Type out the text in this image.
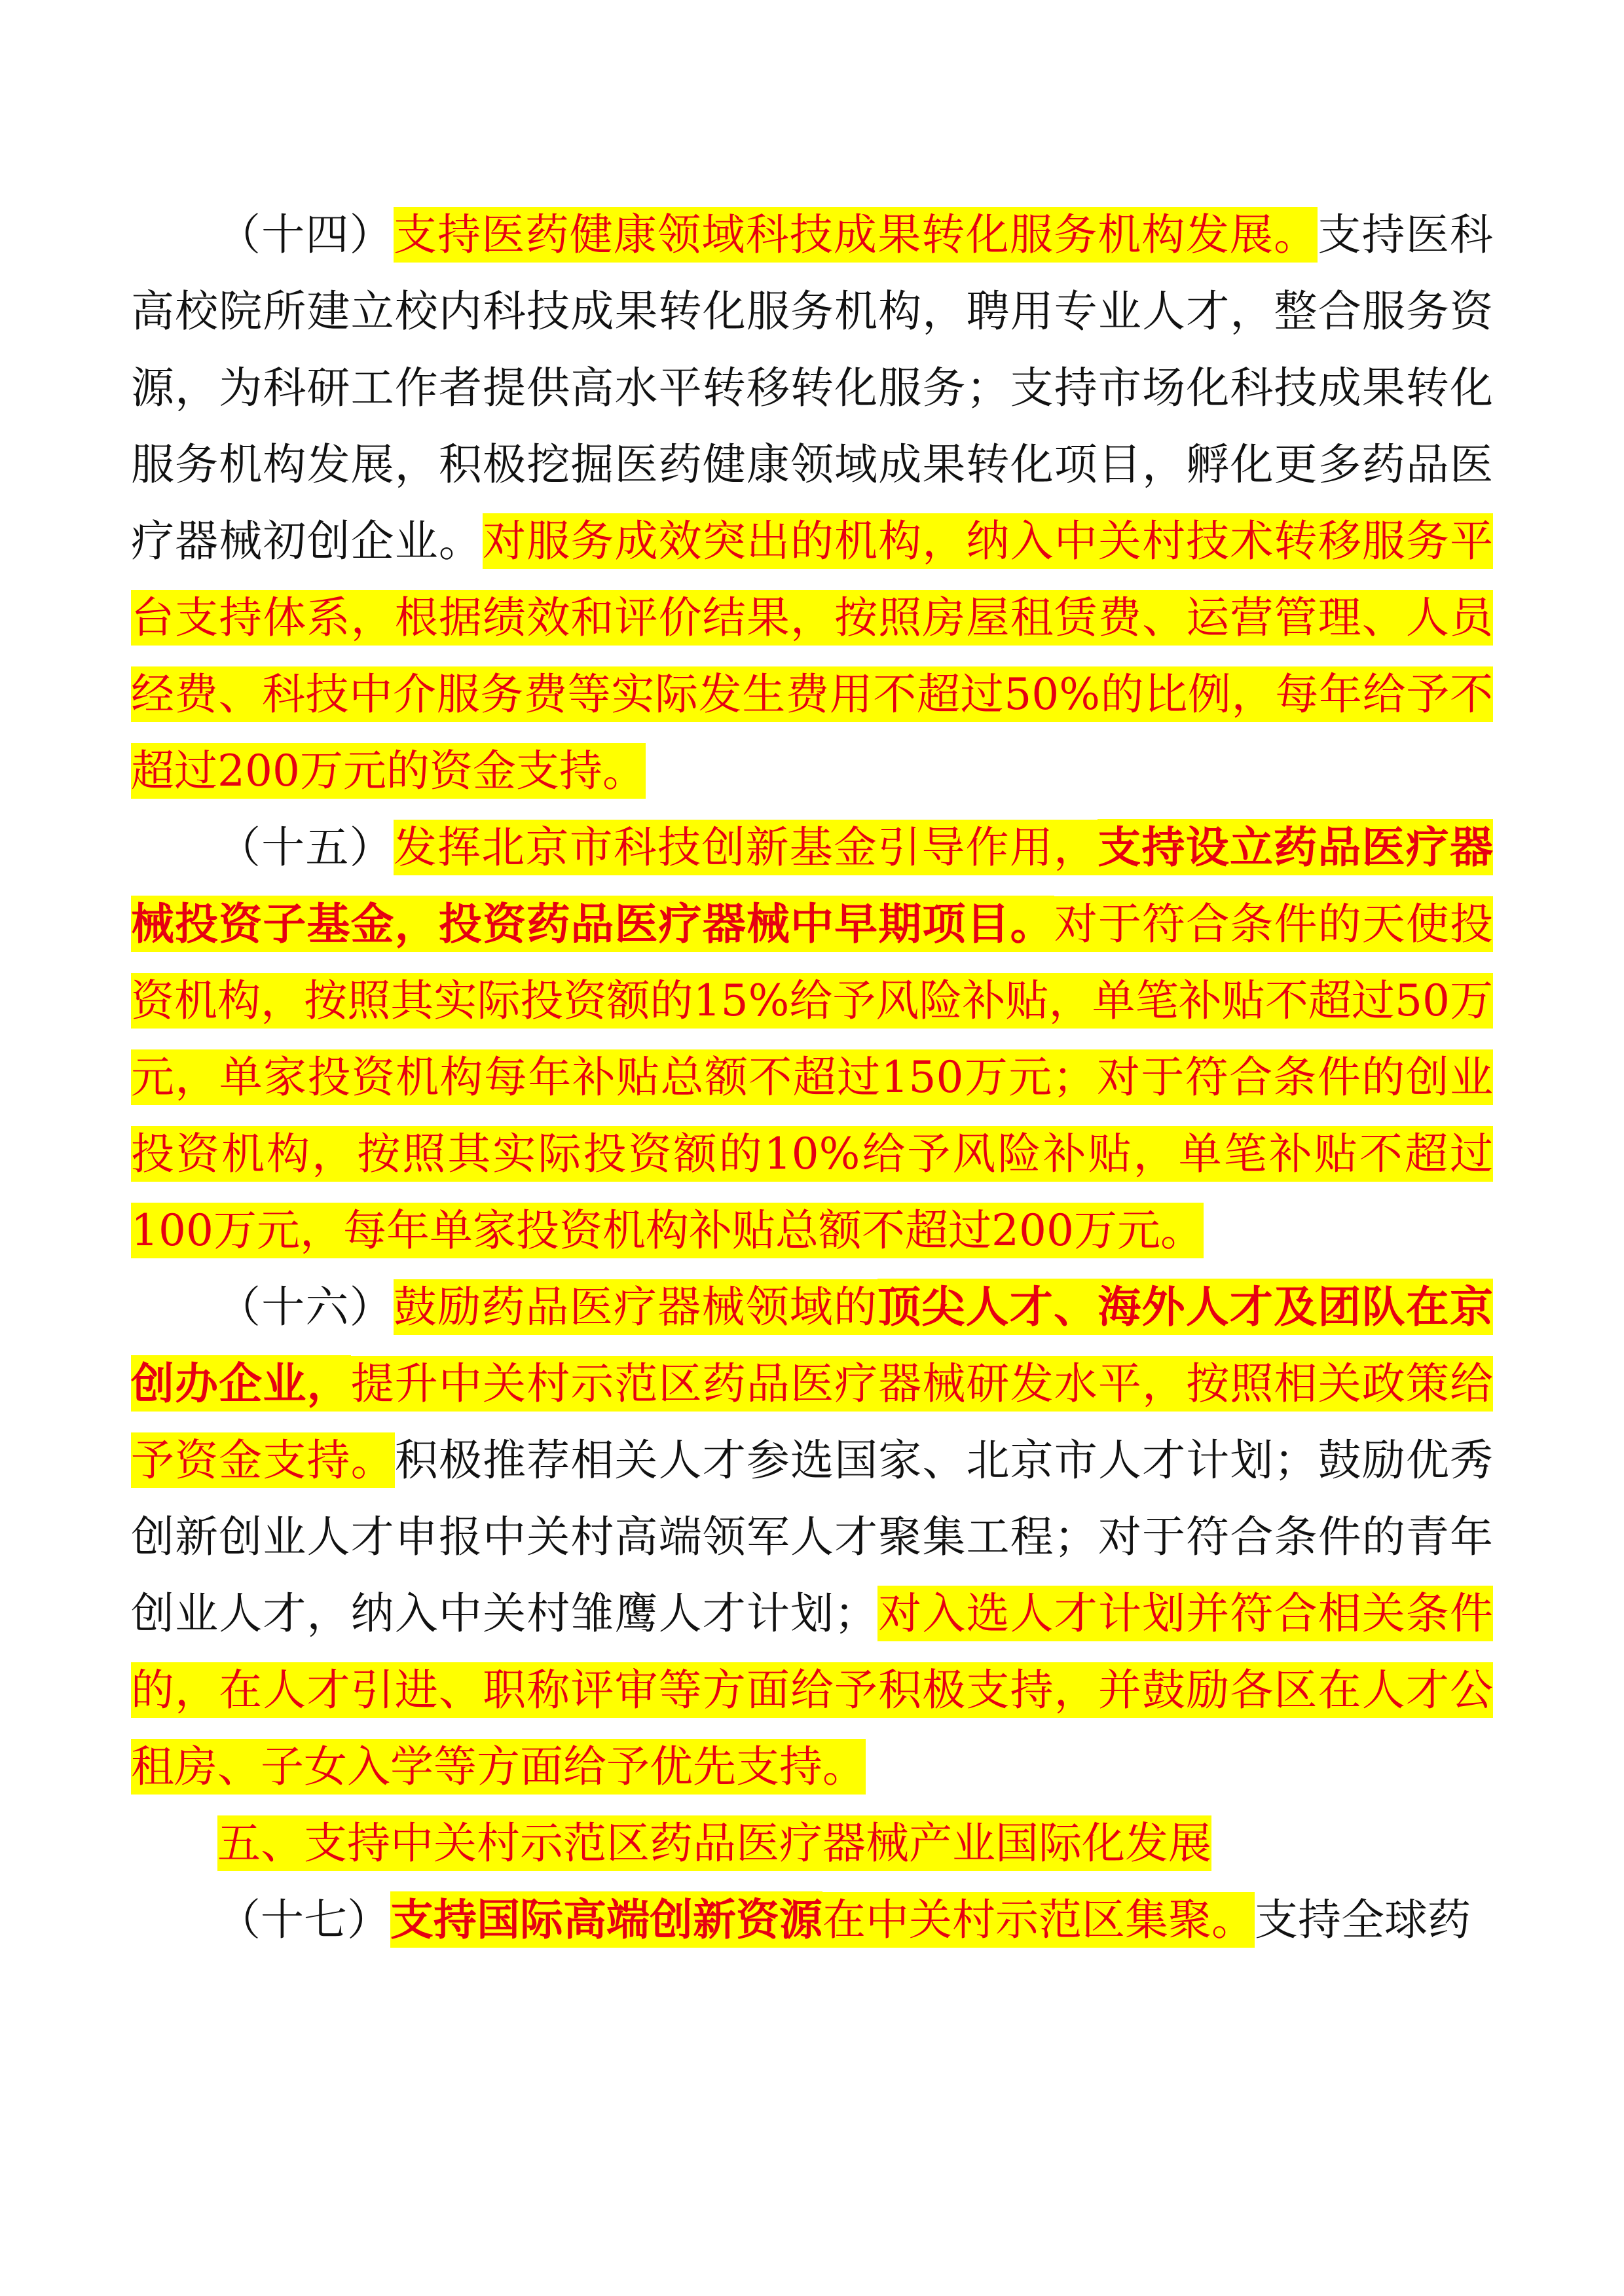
（十四）支持医药健康领域科技成果转化服务机构发展。支持医科高校院所建立校内科技成果转化服务机构，聘用专业人才，整合服务资源，为科研工作者提供高水平转移转化服务；支持市场化科技成果转化服务机构发展，积极挖掘医药健康领域成果转化项目，孵化更多药品医疗器械初创企业。对服务成效突出的机构，纳入中关村技术转移服务平台支持体系，根据绩效和评价结果，按照房屋租赁费、运营管理、人员经费、科技中介服务费等实际发生费用不超过50%的比例，每年给予不超过200万元的资金支持。

（十五）发挥北京市科技创新基金引导作用，支持设立药品医疗器械投资子基金，投资药品医疗器械中早期项目。对于符合条件的天使投资机构，按照其实际投资额的15%给予风险补贴，单笔补贴不超过50万元，单家投资机构每年补贴总额不超过150万元；对于符合条件的创业投资机构，按照其实际投资额的10%给予风险补贴，单笔补贴不超过100万元，每年单家投资机构补贴总额不超过200万元。

（十六）鼓励药品医疗器械领域的顶尖人才、海外人才及团队在京创办企业，提升中关村示范区药品医疗器械研发水平，按照相关政策给予资金支持。积极推荐相关人才参选国家、北京市人才计划；鼓励优秀创新创业人才申报中关村高端领军人才聚集工程；对于符合条件的青年创业人才，纳入中关村雏鹰人才计划；对入选人才计划并符合相关条件的，在人才引进、职称评审等方面给予积极支持，并鼓励各区在人才公租房、子女入学等方面给予优先支持。

五、支持中关村示范区药品医疗器械产业国际化发展

（十七）支持国际高端创新资源在中关村示范区集聚。支持全球药
